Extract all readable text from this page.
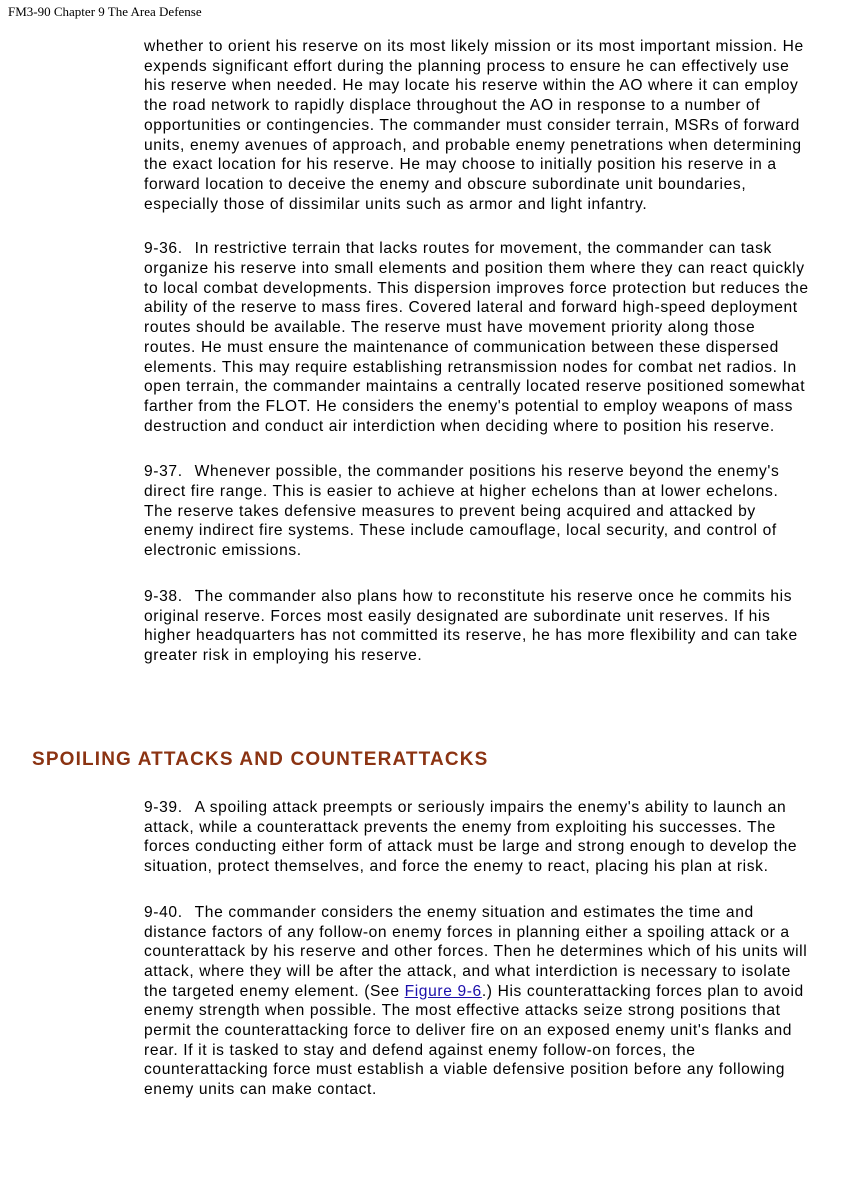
FM3-90 Chapter 9 The Area Defense

whether to orient his reserve on its most likely mission or its most important mission. He expends significant effort during the planning process to ensure he can effectively use his reserve when needed. He may locate his reserve within the AO where it can employ the road network to rapidly displace throughout the AO in response to a number of opportunities or contingencies. The commander must consider terrain, MSRs of forward units, enemy avenues of approach, and probable enemy penetrations when determining the exact location for his reserve. He may choose to initially position his reserve in a forward location to deceive the enemy and obscure subordinate unit boundaries, especially those of dissimilar units such as armor and light infantry.

9-36. In restrictive terrain that lacks routes for movement, the commander can task organize his reserve into small elements and position them where they can react quickly to local combat developments. This dispersion improves force protection but reduces the ability of the reserve to mass fires. Covered lateral and forward high-speed deployment routes should be available. The reserve must have movement priority along those routes. He must ensure the maintenance of communication between these dispersed elements. This may require establishing retransmission nodes for combat net radios. In open terrain, the commander maintains a centrally located reserve positioned somewhat farther from the FLOT. He considers the enemy's potential to employ weapons of mass destruction and conduct air interdiction when deciding where to position his reserve.

9-37. Whenever possible, the commander positions his reserve beyond the enemy's direct fire range. This is easier to achieve at higher echelons than at lower echelons. The reserve takes defensive measures to prevent being acquired and attacked by enemy indirect fire systems. These include camouflage, local security, and control of electronic emissions.

9-38. The commander also plans how to reconstitute his reserve once he commits his original reserve. Forces most easily designated are subordinate unit reserves. If his higher headquarters has not committed its reserve, he has more flexibility and can take greater risk in employing his reserve.

SPOILING ATTACKS AND COUNTERATTACKS

9-39. A spoiling attack preempts or seriously impairs the enemy's ability to launch an attack, while a counterattack prevents the enemy from exploiting his successes. The forces conducting either form of attack must be large and strong enough to develop the situation, protect themselves, and force the enemy to react, placing his plan at risk.

9-40. The commander considers the enemy situation and estimates the time and distance factors of any follow-on enemy forces in planning either a spoiling attack or a counterattack by his reserve and other forces. Then he determines which of his units will attack, where they will be after the attack, and what interdiction is necessary to isolate the targeted enemy element. (See Figure 9-6.) His counterattacking forces plan to avoid enemy strength when possible. The most effective attacks seize strong positions that permit the counterattacking force to deliver fire on an exposed enemy unit's flanks and rear. If it is tasked to stay and defend against enemy follow-on forces, the counterattacking force must establish a viable defensive position before any following enemy units can make contact.
